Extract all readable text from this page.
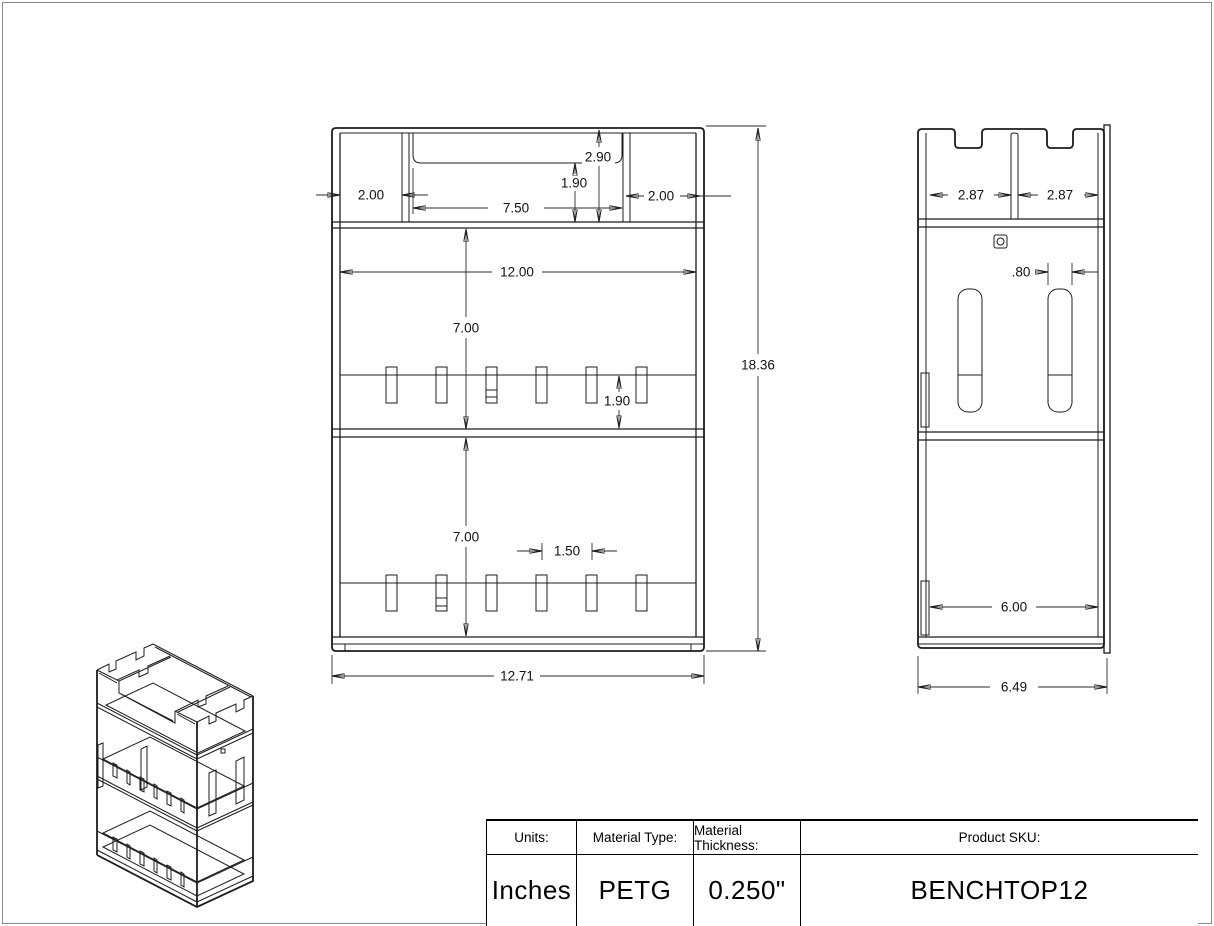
2.00	2.00
7.50
1.90
2.90
12.00
7.00
1.90
7.00
1.50
12.71
18.36
2.87	2.87
.80
6.00
6.49
Units:
Inches
Material Type:
PETG
Material Thickness:
0.250"
Product SKU:
BENCHTOP12
